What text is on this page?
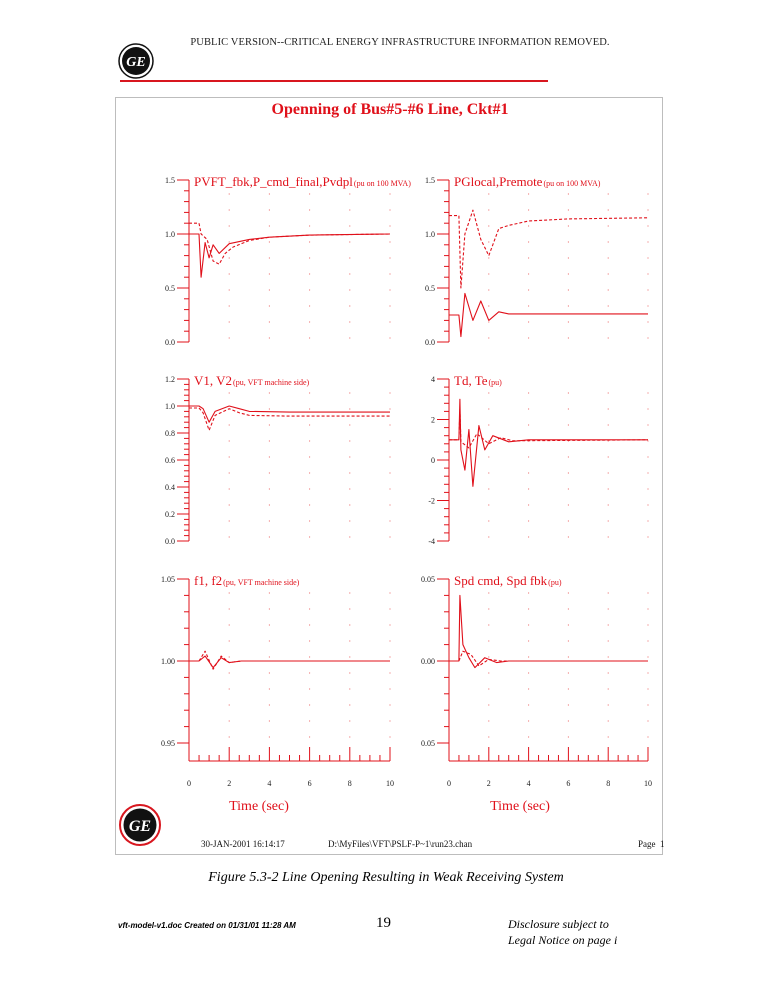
GE
PUBLIC VERSION--CRITICAL ENERGY INFRASTRUCTURE INFORMATION REMOVED.
Openning of Bus#5-#6 Line, Ckt#1
0.0
0.5
1.0
1.5 PVFT_fbk,P_cmd_final,Pvdpl(pu on 100 MVA)
0.0
0.5
1.0
1.5 PGlocal,Premote(pu on 100 MVA)
0.0
0.2
0.4
0.6
0.8
1.0
1.2 V1, V2(pu, VFT machine side)
-4
-2
0
2
4 Td, Te(pu)
0.95
1.00
1.05 f1, f2(pu, VFT machine side)
0.05
0.00
0.05 Spd cmd, Spd fbk(pu)
0	2	4	6	8	10	0	2	4	6	8	10
Time (sec)	Time (sec)
30-JAN-2001 16:14:17	D:\MyFiles\VFT\PSLF-P~1\run23.chan	Page 1
GE
Figure 5.3-2 Line Opening Resulting in Weak Receiving System
vft-model-v1.doc Created on 01/31/01 11:28 AM	19	Disclosure subject to
Legal Notice on page i
